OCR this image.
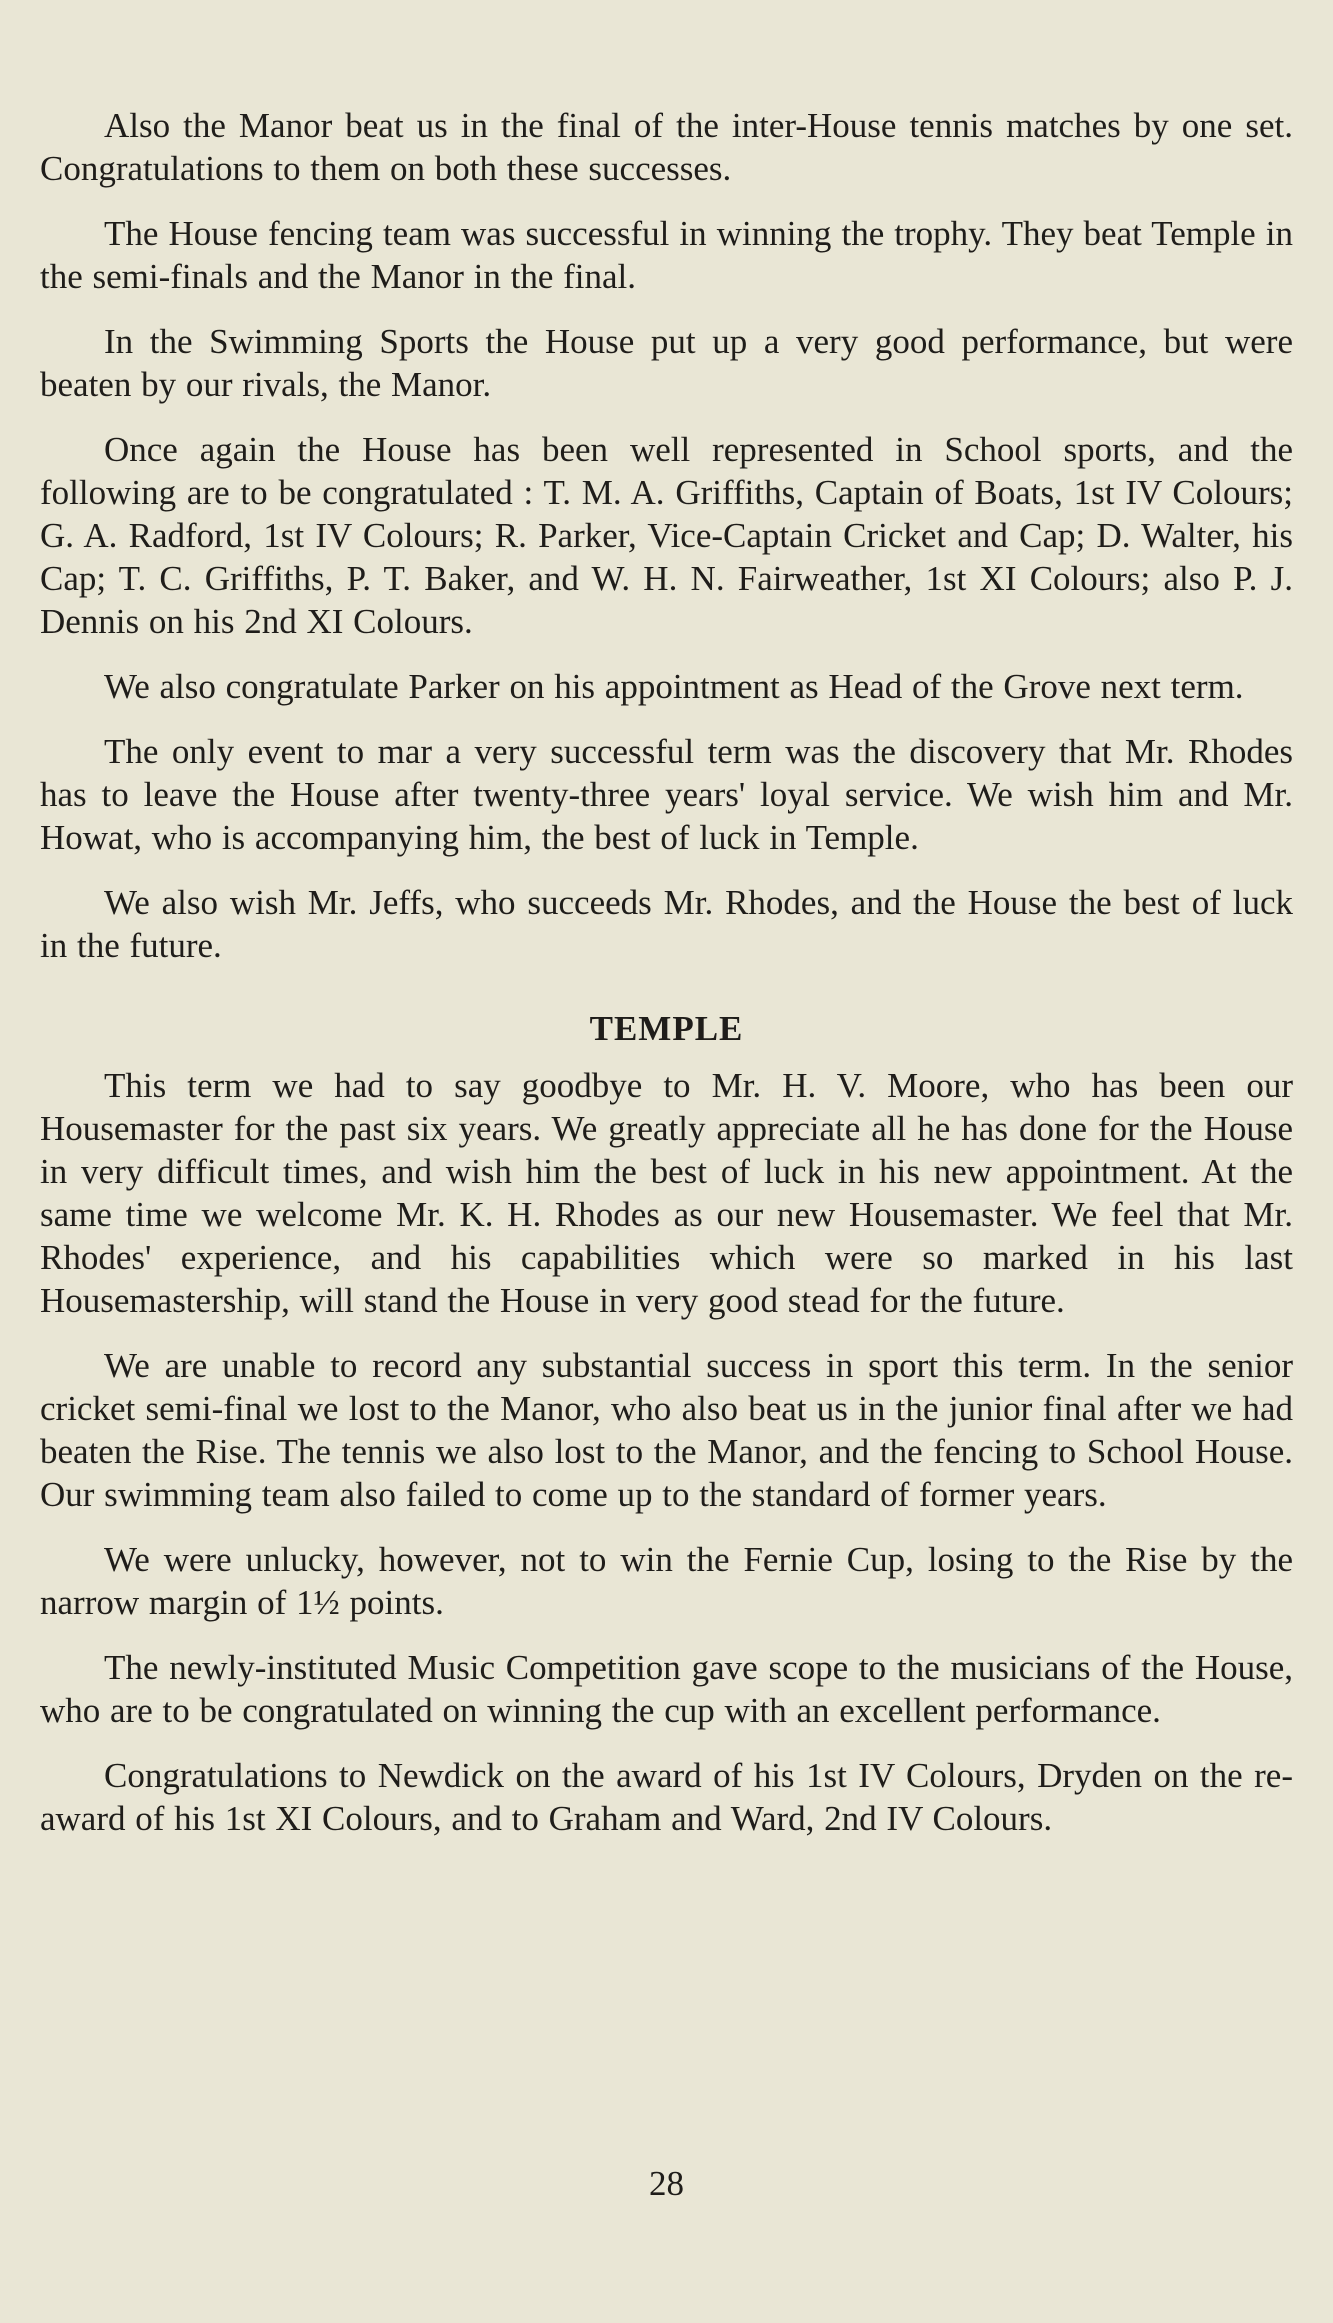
Also the Manor beat us in the final of the inter-House tennis matches by one set. Congratulations to them on both these successes.

The House fencing team was successful in winning the trophy. They beat Temple in the semi-finals and the Manor in the final.

In the Swimming Sports the House put up a very good performance, but were beaten by our rivals, the Manor.

Once again the House has been well represented in School sports, and the following are to be congratulated : T. M. A. Griffiths, Captain of Boats, 1st IV Colours; G. A. Radford, 1st IV Colours; R. Parker, Vice-Captain Cricket and Cap; D. Walter, his Cap; T. C. Griffiths, P. T. Baker, and W. H. N. Fairweather, 1st XI Colours; also P. J. Dennis on his 2nd XI Colours.

We also congratulate Parker on his appointment as Head of the Grove next term.

The only event to mar a very successful term was the discovery that Mr. Rhodes has to leave the House after twenty-three years' loyal service. We wish him and Mr. Howat, who is accompanying him, the best of luck in Temple.

We also wish Mr. Jeffs, who succeeds Mr. Rhodes, and the House the best of luck in the future.

TEMPLE

This term we had to say goodbye to Mr. H. V. Moore, who has been our Housemaster for the past six years. We greatly appreciate all he has done for the House in very difficult times, and wish him the best of luck in his new appointment. At the same time we welcome Mr. K. H. Rhodes as our new Housemaster. We feel that Mr. Rhodes' experience, and his capabilities which were so marked in his last Housemastership, will stand the House in very good stead for the future.

We are unable to record any substantial success in sport this term. In the senior cricket semi-final we lost to the Manor, who also beat us in the junior final after we had beaten the Rise. The tennis we also lost to the Manor, and the fencing to School House. Our swimming team also failed to come up to the standard of former years.

We were unlucky, however, not to win the Fernie Cup, losing to the Rise by the narrow margin of 1½ points.

The newly-instituted Music Competition gave scope to the musicians of the House, who are to be congratulated on winning the cup with an excellent performance.

Congratulations to Newdick on the award of his 1st IV Colours, Dryden on the re-award of his 1st XI Colours, and to Graham and Ward, 2nd IV Colours.

28
